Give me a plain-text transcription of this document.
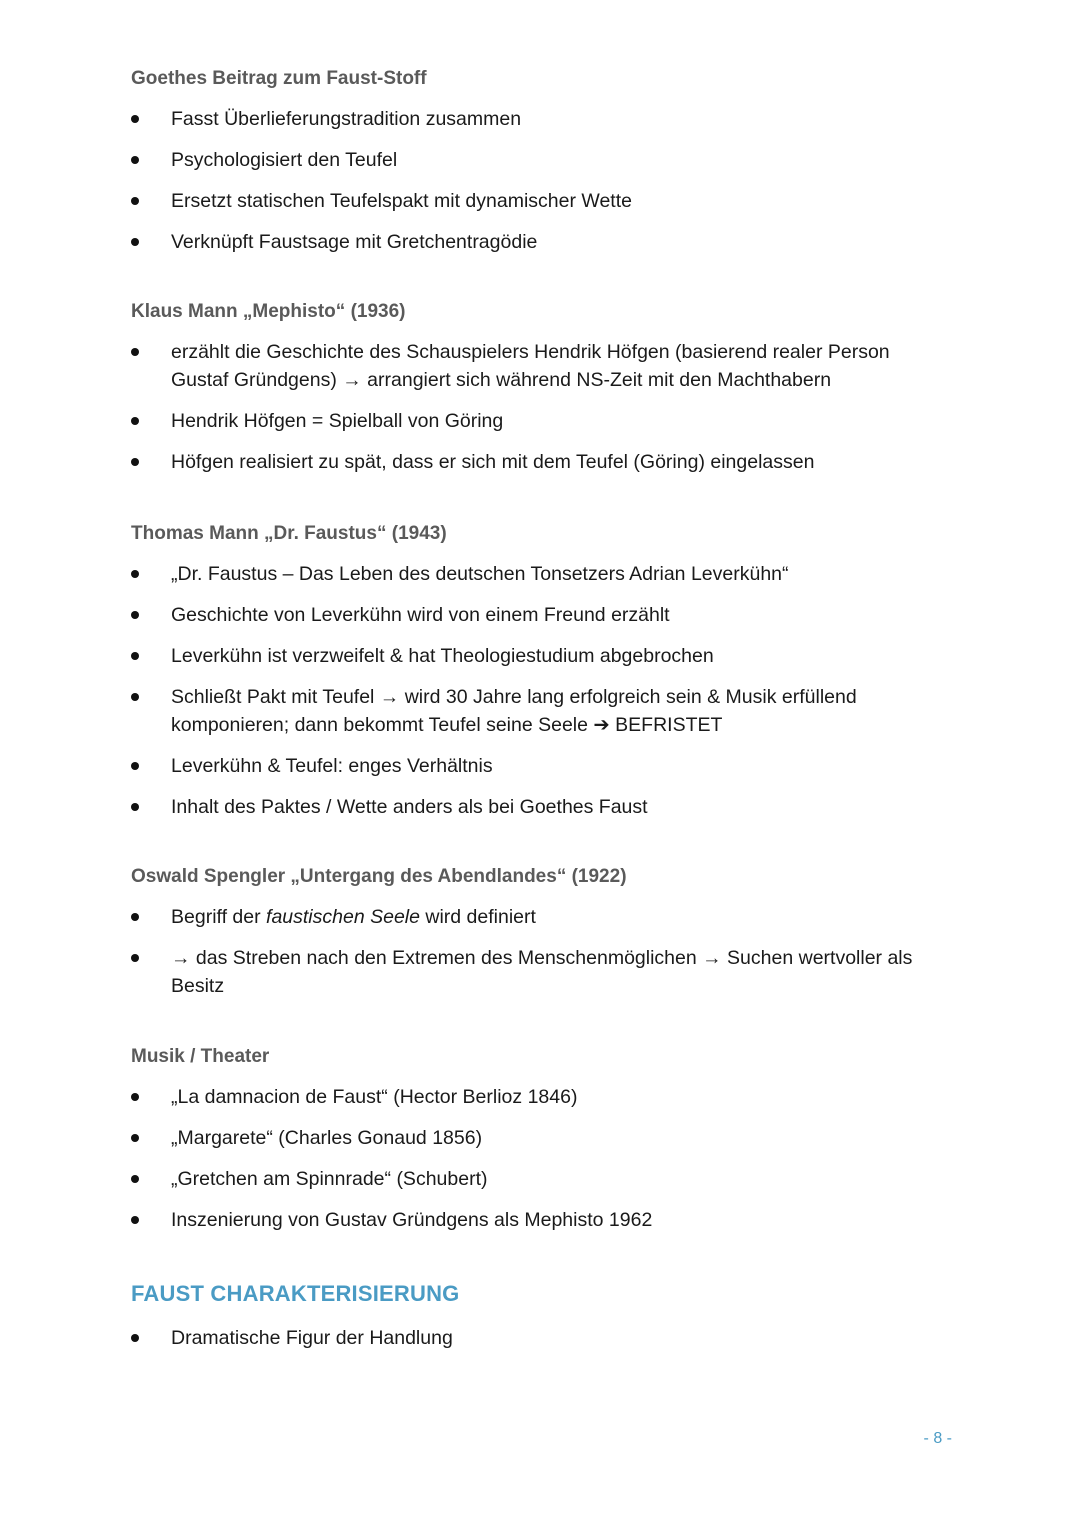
Goethes Beitrag zum Faust-Stoff
Fasst Überlieferungstradition zusammen
Psychologisiert den Teufel
Ersetzt statischen Teufelspakt mit dynamischer Wette
Verknüpft Faustsage mit Gretchentragödie
Klaus Mann „Mephisto“ (1936)
erzählt die Geschichte des Schauspielers Hendrik Höfgen (basierend realer Person Gustaf Gründgens) → arrangiert sich während NS-Zeit mit den Machthabern
Hendrik Höfgen = Spielball von Göring
Höfgen realisiert zu spät, dass er sich mit dem Teufel (Göring) eingelassen
Thomas Mann „Dr. Faustus“ (1943)
„Dr. Faustus – Das Leben des deutschen Tonsetzers Adrian Leverkühn“
Geschichte von Leverkühn wird von einem Freund erzählt
Leverkühn ist verzweifelt & hat Theologiestudium abgebrochen
Schließt Pakt mit Teufel → wird 30 Jahre lang erfolgreich sein & Musik erfüllend komponieren; dann bekommt Teufel seine Seele ➔ BEFRISTET
Leverkühn & Teufel: enges Verhältnis
Inhalt des Paktes / Wette anders als bei Goethes Faust
Oswald Spengler „Untergang des Abendlandes“ (1922)
Begriff der faustischen Seele wird definiert
→ das Streben nach den Extremen des Menschenmöglichen → Suchen wertvoller als Besitz
Musik / Theater
„La damnacion de Faust“ (Hector Berlioz 1846)
„Margarete“ (Charles Gonaud 1856)
„Gretchen am Spinnrade“ (Schubert)
Inszenierung von Gustav Gründgens als Mephisto 1962
FAUST CHARAKTERISIERUNG
Dramatische Figur der Handlung
- 8 -
